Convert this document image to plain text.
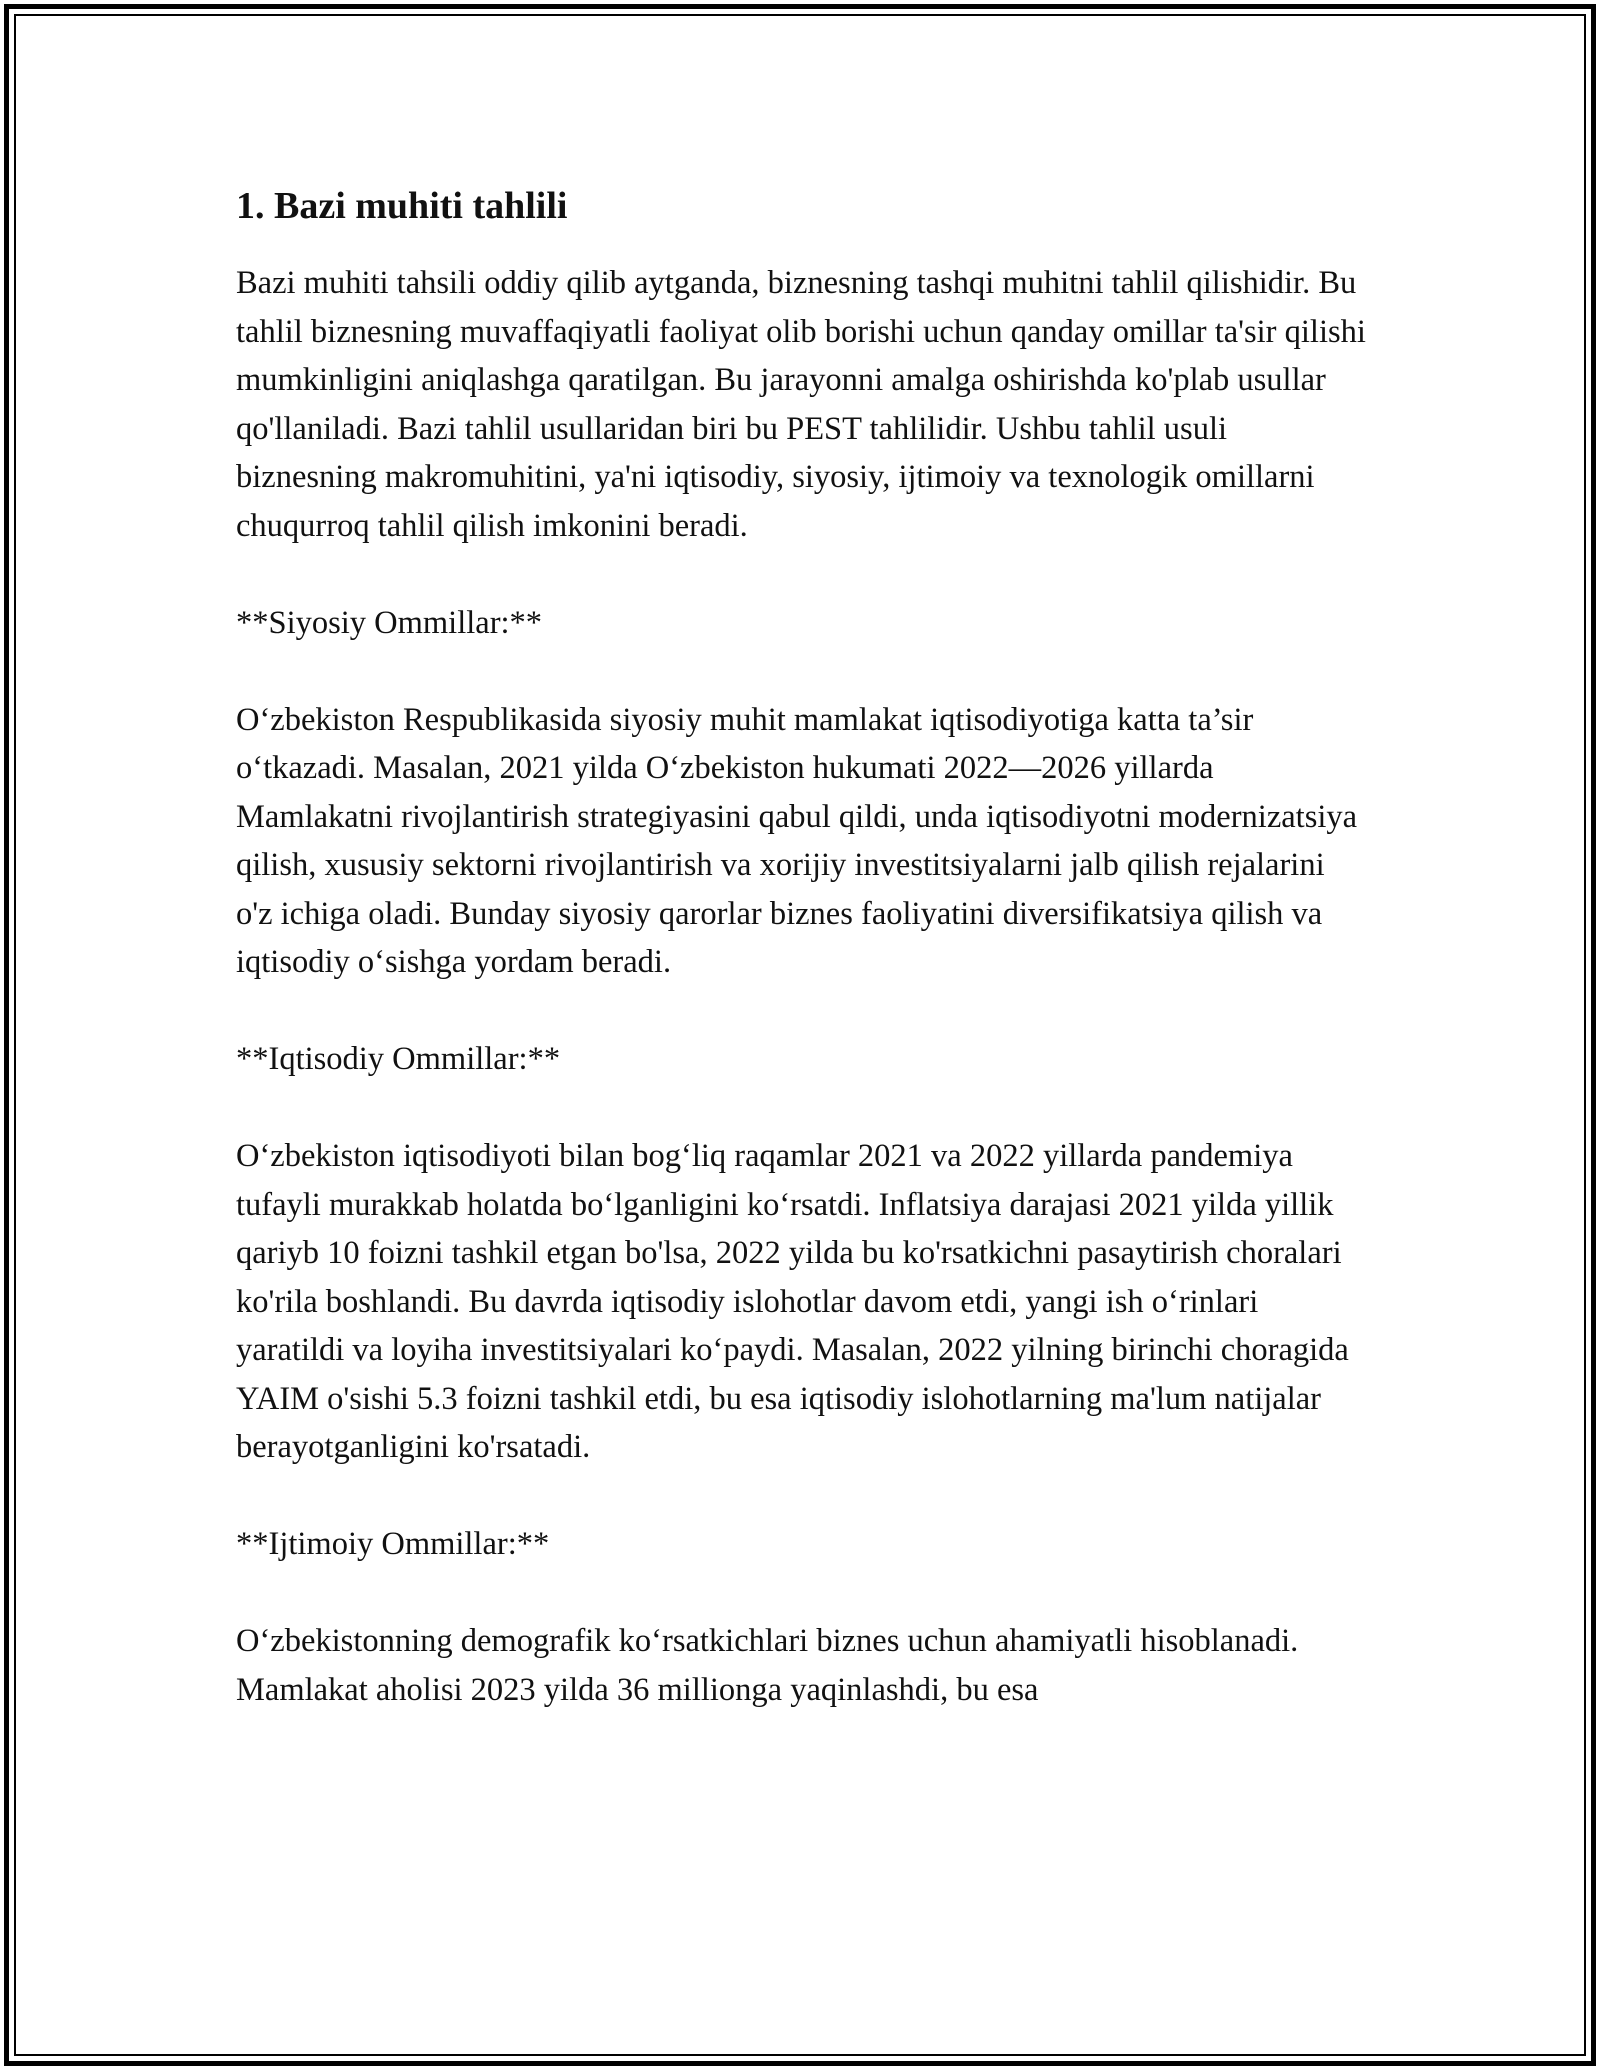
1. Bazi muhiti tahlili

Bazi muhiti tahsili oddiy qilib aytganda, biznesning tashqi muhitni tahlil qilishidir. Bu tahlil biznesning muvaffaqiyatli faoliyat olib borishi uchun qanday omillar ta'sir qilishi mumkinligini aniqlashga qaratilgan. Bu jarayonni amalga oshirishda ko'plab usullar qo'llaniladi. Bazi tahlil usullaridan biri bu PEST tahlilidir. Ushbu tahlil usuli biznesning makromuhitini, ya'ni iqtisodiy, siyosiy, ijtimoiy va texnologik omillarni chuqurroq tahlil qilish imkonini beradi.

**Siyosiy Ommillar:**

O‘zbekiston Respublikasida siyosiy muhit mamlakat iqtisodiyotiga katta ta’sir o‘tkazadi. Masalan, 2021 yilda O‘zbekiston hukumati 2022—2026 yillarda Mamlakatni rivojlantirish strategiyasini qabul qildi, unda iqtisodiyotni modernizatsiya qilish, xususiy sektorni rivojlantirish va xorijiy investitsiyalarni jalb qilish rejalarini o'z ichiga oladi. Bunday siyosiy qarorlar biznes faoliyatini diversifikatsiya qilish va iqtisodiy o‘sishga yordam beradi.

**Iqtisodiy Ommillar:**

O‘zbekiston iqtisodiyoti bilan bog‘liq raqamlar 2021 va 2022 yillarda pandemiya tufayli murakkab holatda bo‘lganligini ko‘rsatdi. Inflatsiya darajasi 2021 yilda yillik qariyb 10 foizni tashkil etgan bo'lsa, 2022 yilda bu ko'rsatkichni pasaytirish choralari ko'rila boshlandi. Bu davrda iqtisodiy islohotlar davom etdi, yangi ish o‘rinlari yaratildi va loyiha investitsiyalari ko‘paydi. Masalan, 2022 yilning birinchi choragida YAIM o'sishi 5.3 foizni tashkil etdi, bu esa iqtisodiy islohotlarning ma'lum natijalar berayotganligini ko'rsatadi.

**Ijtimoiy Ommillar:**

O‘zbekistonning demografik ko‘rsatkichlari biznes uchun ahamiyatli hisoblanadi. Mamlakat aholisi 2023 yilda 36 millionga yaqinlashdi, bu esa
